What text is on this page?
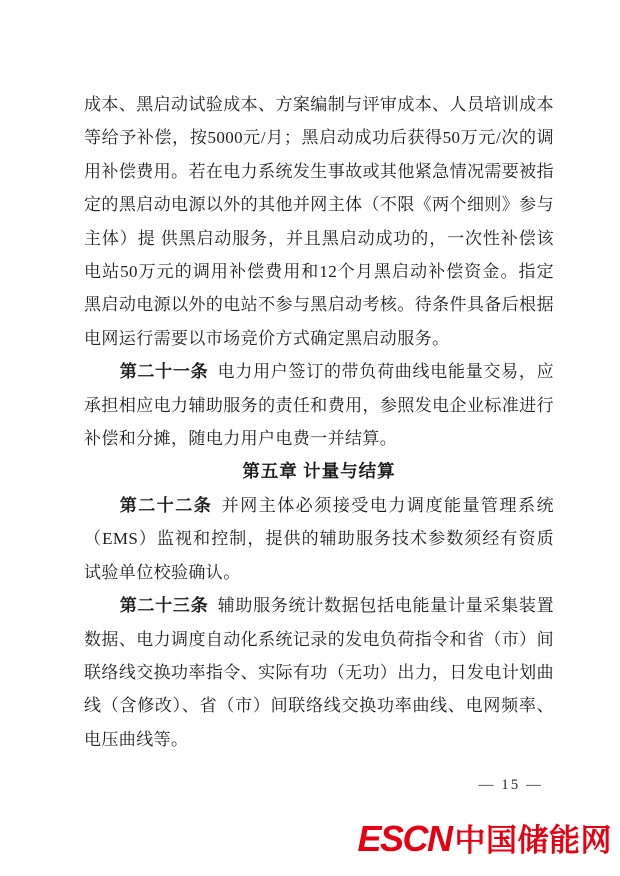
成本、黑启动试验成本、方案编制与评审成本、人员培训成本等给予补偿，按5000元/月；黑启动成功后获得50万元/次的调用补偿费用。若在电力系统发生事故或其他紧急情况需要被指定的黑启动电源以外的其他并网主体（不限《两个细则》参与主体）提 供黑启动服务，并且黑启动成功的，一次性补偿该电站50万元的调用补偿费用和12个月黑启动补偿资金。指定黑启动电源以外的电站不参与黑启动考核。待条件具备后根据电网运行需要以市场竞价方式确定黑启动服务。

第二十一条 电力用户签订的带负荷曲线电能量交易，应承担相应电力辅助服务的责任和费用，参照发电企业标准进行补偿和分摊，随电力用户电费一并结算。

第五章 计量与结算

第二十二条 并网主体必须接受电力调度能量管理系统（EMS）监视和控制，提供的辅助服务技术参数须经有资质试验单位校验确认。

第二十三条 辅助服务统计数据包括电能量计量采集装置数据、电力调度自动化系统记录的发电负荷指令和省（市）间联络线交换功率指令、实际有功（无功）出力，日发电计划曲线（含修改）、省（市）间联络线交换功率曲线、电网频率、电压曲线等。

— 15 —
ESCN 中国储能网
